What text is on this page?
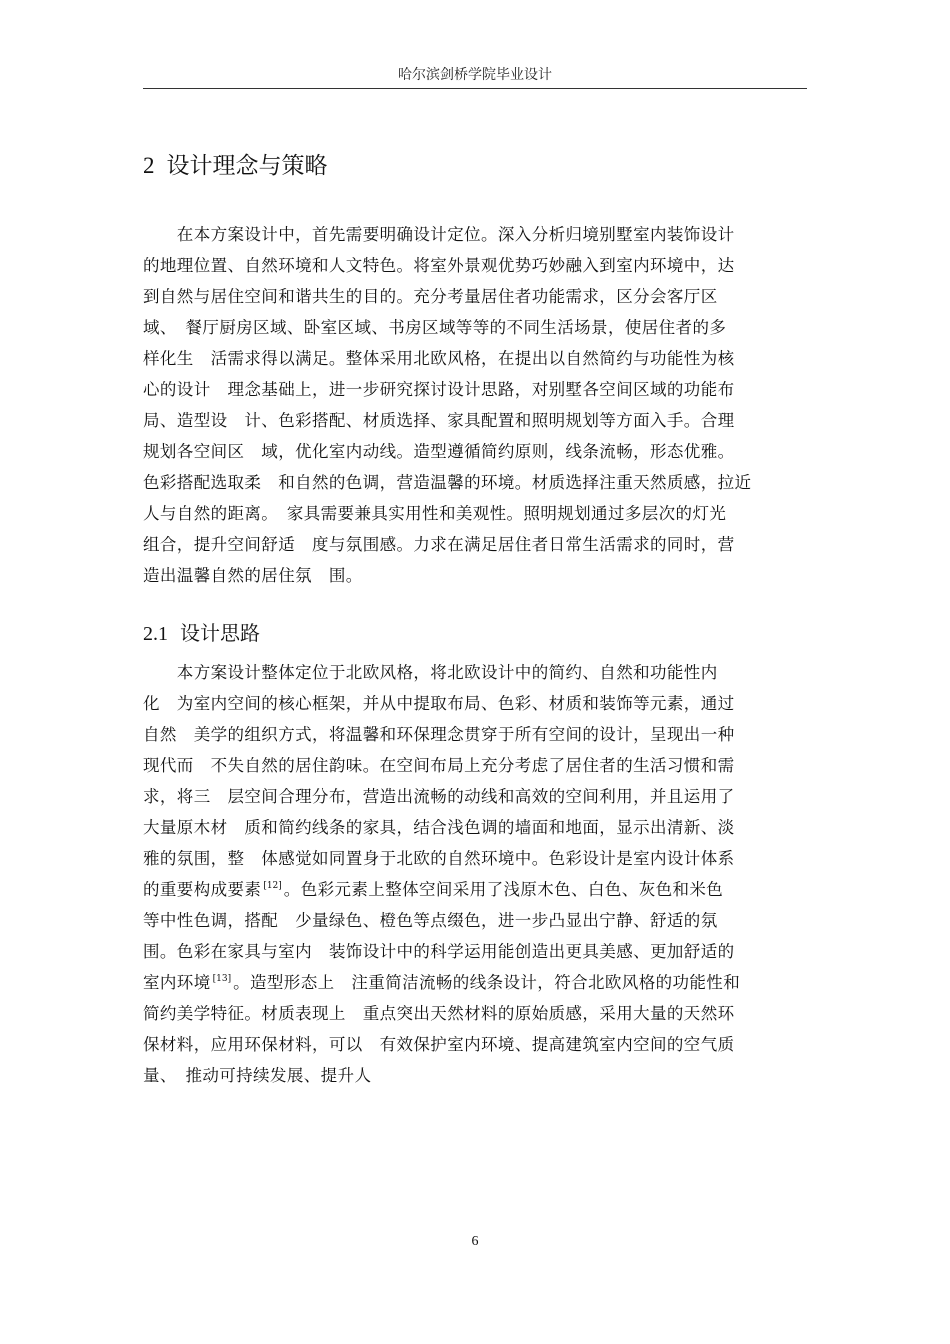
哈尔滨剑桥学院毕业设计
2 设计理念与策略
　　在本方案设计中，首先需要明确设计定位。深入分析归境别墅室内装饰设计
的地理位置、自然环境和人文特色。将室外景观优势巧妙融入到室内环境中，达
到自然与居住空间和谐共生的目的。充分考量居住者功能需求，区分会客厅区
域、　餐厅厨房区域、卧室区域、书房区域等等的不同生活场景，使居住者的多
样化生　活需求得以满足。整体采用北欧风格，在提出以自然简约与功能性为核
心的设计　理念基础上，进一步研究探讨设计思路，对别墅各空间区域的功能布
局、造型设　计、色彩搭配、材质选择、家具配置和照明规划等方面入手。合理
规划各空间区　域，优化室内动线。造型遵循简约原则，线条流畅，形态优雅。
色彩搭配选取柔　和自然的色调，营造温馨的环境。材质选择注重天然质感，拉近
人与自然的距离。　家具需要兼具实用性和美观性。照明规划通过多层次的灯光
组合，提升空间舒适　度与氛围感。力求在满足居住者日常生活需求的同时，营
造出温馨自然的居住氛　围。
2.1 设计思路
　　本方案设计整体定位于北欧风格，将北欧设计中的简约、自然和功能性内
化　为室内空间的核心框架，并从中提取布局、色彩、材质和装饰等元素，通过
自然　美学的组织方式，将温馨和环保理念贯穿于所有空间的设计，呈现出一种
现代而　不失自然的居住韵味。在空间布局上充分考虑了居住者的生活习惯和需
求，将三　层空间合理分布，营造出流畅的动线和高效的空间利用，并且运用了
大量原木材　质和简约线条的家具，结合浅色调的墙面和地面，显示出清新、淡
雅的氛围，整　体感觉如同置身于北欧的自然环境中。色彩设计是室内设计体系
的重要构成要素 [12] 。色彩元素上整体空间采用了浅原木色、白色、灰色和米色
等中性色调，搭配　少量绿色、橙色等点缀色，进一步凸显出宁静、舒适的氛
围。色彩在家具与室内　装饰设计中的科学运用能创造出更具美感、更加舒适的
室内环境 [13] 。造型形态上　注重简洁流畅的线条设计，符合北欧风格的功能性和
简约美学特征。材质表现上　重点突出天然材料的原始质感，采用大量的天然环
保材料，应用环保材料，可以　有效保护室内环境、提高建筑室内空间的空气质
量、　推动可持续发展、提升人
6
